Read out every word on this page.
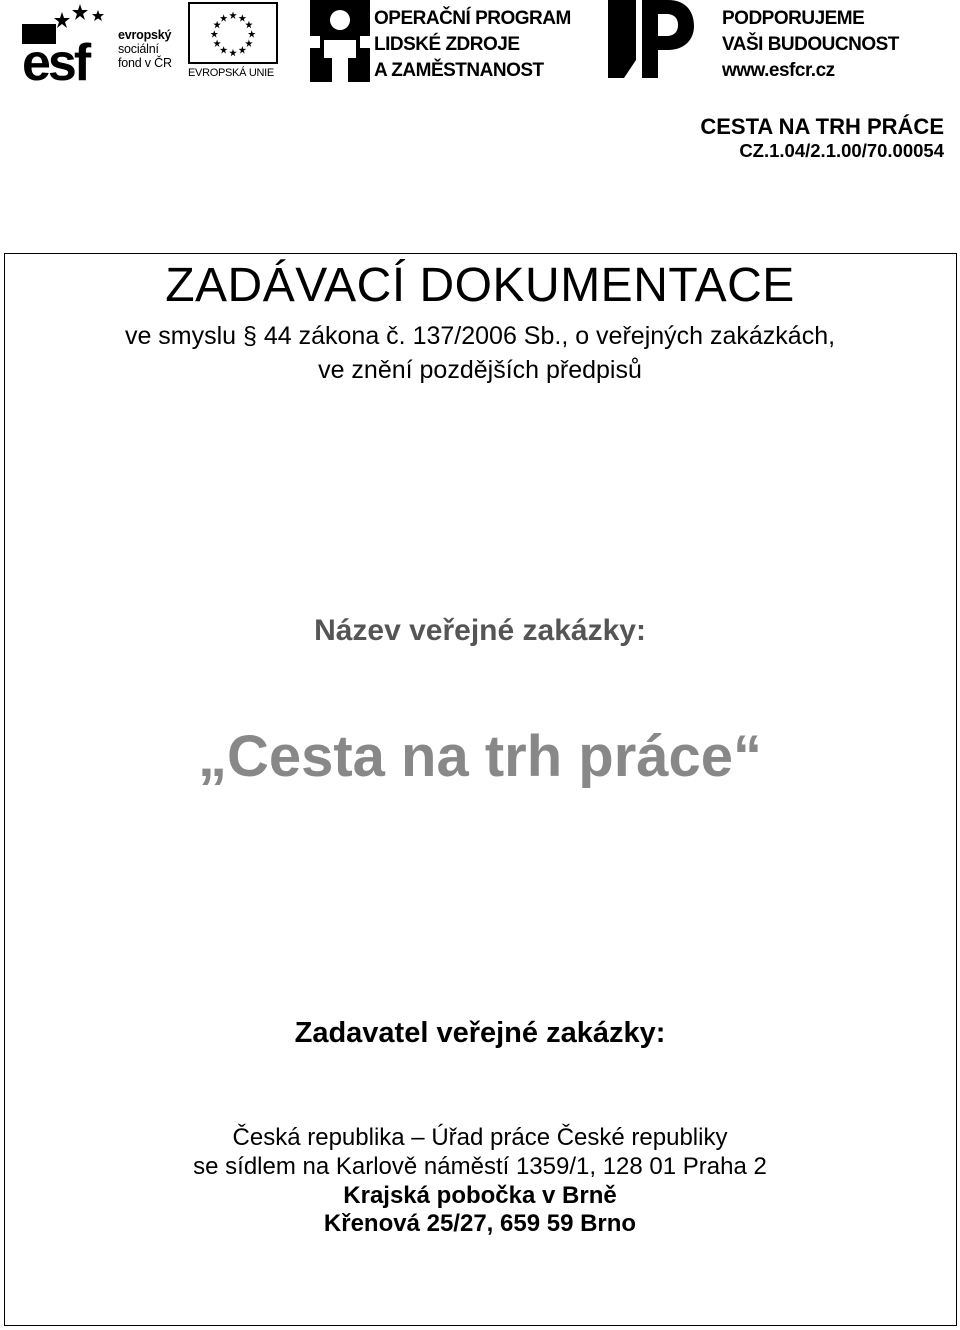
esf evropský
sociální
fond v ČR
EVROPSKÁ UNIE
OPERAČNÍ PROGRAM
LIDSKÉ ZDROJE
A ZAMĚSTNANOST
PODPORUJEME
VAŠI BUDOUCNOST
www.esfcr.cz
CESTA NA TRH PRÁCE
CZ.1.04/2.1.00/70.00054
ZADÁVACÍ DOKUMENTACE
ve smyslu § 44 zákona č. 137/2006 Sb., o veřejných zakázkách,
ve znění pozdějších předpisů
Název veřejné zakázky:
„Cesta na trh práce“
Zadavatel veřejné zakázky:
Česká republika – Úřad práce České republiky
se sídlem na Karlově náměstí 1359/1, 128 01 Praha 2
Krajská pobočka v Brně
Křenová 25/27, 659 59 Brno
